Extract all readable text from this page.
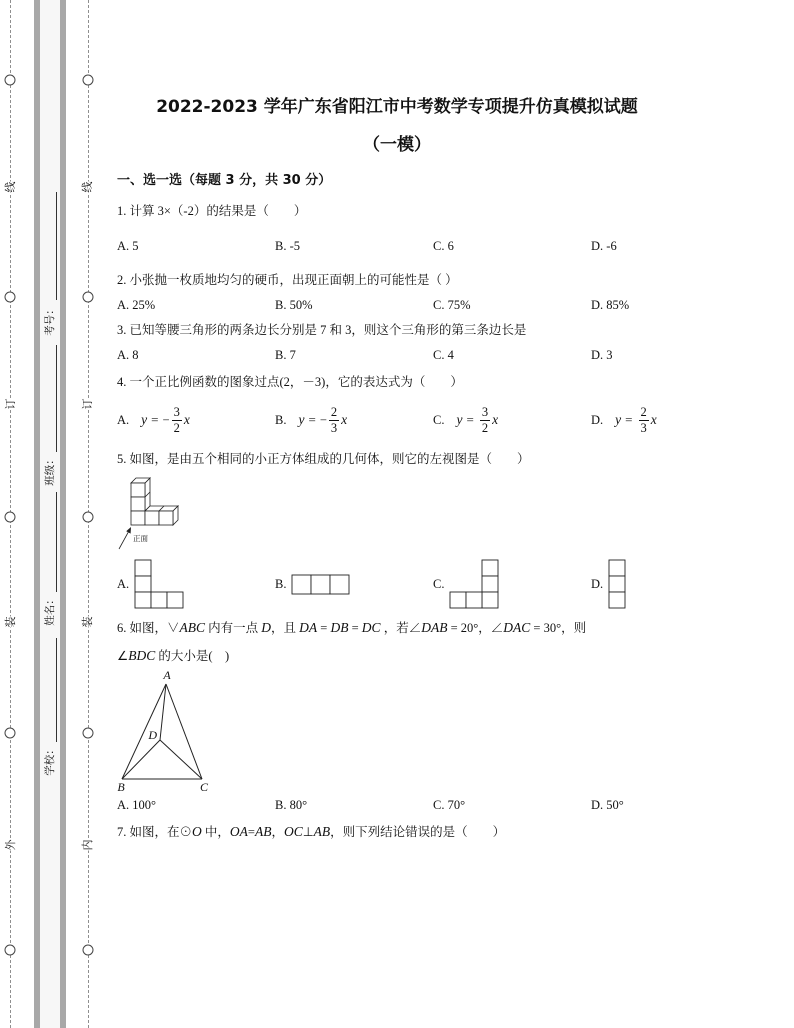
线
订
装
外
考号：
班级：
姓名：
学校：
线
订
装
内
2022-2023 学年广东省阳江市中考数学专项提升仿真模拟试题
（一模）
一、选一选（每题 3 分，共 30 分）
1. 计算 3×（-2）的结果是（　　）
A. 5	B. -5	C. 6	D. -6
2. 小张抛一枚质地均匀的硬币，出现正面朝上的可能性是（ ）
A. 25%	B. 50%	C. 75%	D. 85%
3. 已知等腰三角形的两条边长分别是 7 和 3，则这个三角形的第三条边长是
A. 8	B. 7	C. 4	D. 3
4. 一个正比例函数的图象过点(2，－3)，它的表达式为（　　）
A. y = − $\frac{3}{2}$ x	B. y = − $\frac{2}{3}$ x	C. $y = \frac{3}{2}$ x	D. $y = \frac{2}{3}$ x
5. 如图，是由五个相同的小正方体组成的几何体，则它的左视图是（　　）
正面
A.	B.	C.	D.
6. 如图，∨ABC 内有一点 D，且 DA = DB = DC ，若∠DAB = 20°，∠DAC = 30°，则
∠BDC 的大小是(　)
A
B	C
D
A. 100°	B. 80°	C. 70°	D. 50°
7. 如图，在⊙O 中，OA=AB，OC⊥AB，则下列结论错误的是（　　）
